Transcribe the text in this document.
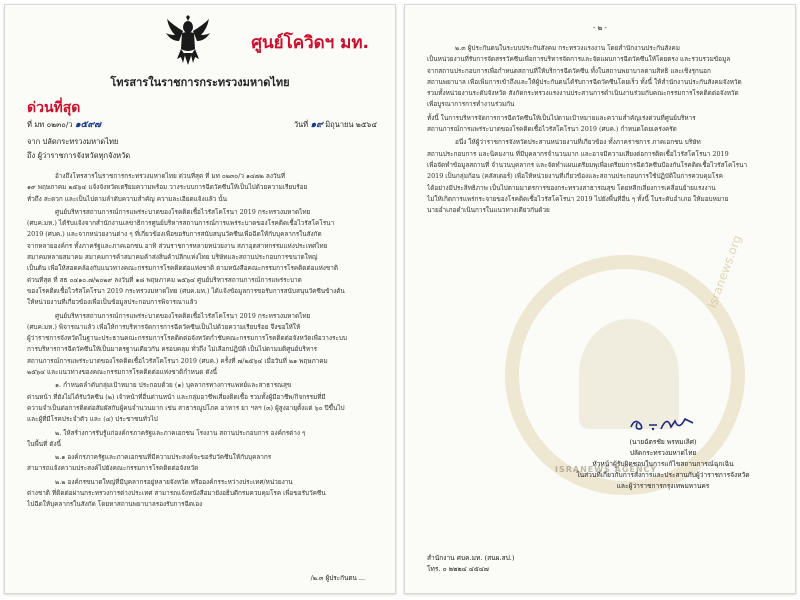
ศูนย์โควิดฯ มท.
โทรสารในราชการกระทรวงมหาดไทย
ด่วนที่สุด
ที่ มท ๐๒๓๐/ว ๑๕๙๗	วันที่ ๑๙ มิถุนายน ๒๕๖๔
จาก ปลัดกระทรวงมหาดไทย
ถึง ผู้ว่าราชการจังหวัดทุกจังหวัด
อ้างถึงโทรสารในราชการกระทรวงมหาดไทย ด่วนที่สุด ที่ มท ๐๒๓๐/ว ๑๔๗๒ ลงวันที่
๑๙ พฤษภาคม ๒๕๖๔ แจ้งจังหวัดเตรียมความพร้อม วางระบบการฉีดวัคซีนให้เป็นไปด้วยความเรียบร้อย
ทั่วถึง สะดวก และเป็นไปตามลำดับความสำคัญ ความละเอียดแจ้งแล้ว นั้น
ศูนย์บริหารสถานการณ์การแพร่ระบาดของโรคติดเชื้อไวรัสโคโรนา 2019 กระทรวงมหาดไทย
(ศบค.มท.) ได้รับแจ้งจากสำนักงานเลขาธิการศูนย์บริหารสถานการณ์การแพร่ระบาดของโรคติดเชื้อไวรัสโคโรนา
2019 (ศบค.) และจากหน่วยงานต่าง ๆ ที่เกี่ยวข้องเพื่อขอรับการสนับสนุนวัคซีนเพื่อฉีดให้กับบุคลากรในสังกัด
จากหลายองค์กร ทั้งภาครัฐและภาคเอกชน อาทิ ส่วนราชการหลายหน่วยงาน สภาอุตสาหกรรมแห่งประเทศไทย
สมาคมหลายสมาคม สมาคมการค้าสมาคมค้าส่งสินค้าปลีกแห่งไทย บริษัทและสถานประกอบการขนาดใหญ่
เป็นต้น เพื่อให้สอดคล้องกับแนวทางคณะกรรมการโรคติดต่อแห่งชาติ ตามหนังสือคณะกรรมการโรคติดต่อแห่งชาติ
ด่วนที่สุด ที่ สธ ๐๔๑๐.๗/๒๐๒๙ ลงวันที่ ๑๘ พฤษภาคม ๒๕๖๔ ศูนย์บริหารสถานการณ์การแพร่ระบาด
ของโรคติดเชื้อไวรัสโคโรนา 2019 กระทรวงมหาดไทย (ศบค.มท.) ได้แจ้งข้อมูลการขอรับการสนับสนุนวัคซีนข้างต้น
ให้หน่วยงานที่เกี่ยวข้องเพื่อเป็นข้อมูลประกอบการพิจารณาแล้ว
ศูนย์บริหารสถานการณ์การแพร่ระบาดของโรคติดเชื้อไวรัสโคโรนา 2019 กระทรวงมหาดไทย
(ศบค.มท.) พิจารณาแล้ว เพื่อให้การบริหารจัดการการฉีดวัคซีนเป็นไปด้วยความเรียบร้อย จึงขอให้ให้
ผู้ว่าราชการจังหวัดในฐานะประธานคณะกรรมการโรคติดต่อจังหวัดกำชับคณะกรรมการโรคติดต่อจังหวัดเพื่อวางระบบ
การบริหารการฉีดวัคซีนให้เป็นมาตรฐานเดียวกัน ครอบคลุม ทั่วถึง ไม่เลือกปฏิบัติ เป็นไปตามมติศูนย์บริหาร
สถานการณ์การแพร่ระบาดของโรคติดเชื้อไวรัสโคโรนา 2019 (ศบค.) ครั้งที่ ๗/๒๕๖๔ เมื่อวันที่ ๒๑ พฤษภาคม
๒๕๖๔ และแนวทางของคณะกรรมการโรคติดต่อแห่งชาติกำหนด ดังนี้
๑. กำหนดลำดับกลุ่มเป้าหมาย ประกอบด้วย (๑) บุคลากรทางการแพทย์และสาธารณสุข
ด่านหน้า ที่ยังไม่ได้รับวัคซีน (๒) เจ้าหน้าที่อื่นด่านหน้า และกลุ่มอาชีพเสี่ยงติดเชื้อ รวมทั้งผู้มีอาชีพ/กิจกรรมที่มี
ความจำเป็นต่อการติดต่อสัมผัสกับผู้คนจำนวนมาก เช่น สาธารณูปโภค อาหาร ยา ฯลฯ (๓) ผู้สูงอายุตั้งแต่ ๖๐ ปีขึ้นไป
และผู้ที่มีโรคประจำตัว และ (๔) ประชาชนทั่วไป
๒. ให้สร้างการรับรู้แก่องค์กรภาครัฐและภาคเอกชน โรงงาน สถานประกอบการ องค์กรต่าง ๆ
ในพื้นที่ ดังนี้
๒.๑ องค์กรภาครัฐและภาคเอกชนที่มีความประสงค์จะขอรับวัคซีนให้กับบุคลากร
สามารถแจ้งความประสงค์ไปยังคณะกรรมการโรคติดต่อจังหวัด
๒.๒ องค์กรขนาดใหญ่ที่มีบุคลากรอยู่หลายจังหวัด หรือองค์กรระหว่างประเทศ/หน่วยงาน
ต่างชาติ ที่ติดต่อผ่านกระทรวงการต่างประเทศ สามารถแจ้งหนังสือมายังอธิบดีกรมควบคุมโรค เพื่อขอรับวัคซีน
ไปฉีดให้บุคลากรในสังกัด โดยหาสถานพยาบาลรองรับการฉีดเอง
/๒.๓ ผู้ประกันตน ...
- ๒ -
isranews.org
๒.๓ ผู้ประกันตนในระบบประกันสังคม กระทรวงแรงงาน โดยสำนักงานประกันสังคม
เป็นหน่วยงานที่รับการจัดสรรวัคซีนเพื่อการบริหารจัดการและจัดแผนการฉีดวัคซีนให้โดยตรง และรวบรวมข้อมูล
จากสถานประกอบการเพื่อกำหนดสถานที่ให้บริการฉีดวัคซีน ทั้งในสถานพยาบาลตามสิทธิ และเชิงรุกนอก
สถานพยาบาล เพื่อเพิ่มการเข้าถึงและให้ผู้ประกันตนได้รับการฉีดวัคซีนโดยเร็ว ทั้งนี้ ให้สำนักงานประกันสังคมจังหวัด
รวมทั้งหน่วยงานระดับจังหวัด สังกัดกระทรวงแรงงานประสานการดำเนินงานร่วมกับคณะกรรมการโรคติดต่อจังหวัด
เพื่อบูรณาการการทำงานร่วมกัน
ทั้งนี้ ในการบริหารจัดการการฉีดวัคซีนให้เป็นไปตามเป้าหมายและความสำคัญเร่งด่วนที่ศูนย์บริหาร
สถานการณ์การแพร่ระบาดของโรคติดเชื้อไวรัสโคโรนา 2019 (ศบค.) กำหนดโดยเคร่งครัด
อนึ่ง ให้ผู้ว่าราชการจังหวัดประสานหน่วยงานที่เกี่ยวข้อง ทั้งภาคราชการ ภาคเอกชน บริษัท
สถานประกอบการ และนิคมงาน ที่มีบุคลากรจำนวนมาก และอาจมีความเสี่ยงต่อการติดเชื้อไวรัสโคโรนา 2019
เพื่อจัดทำข้อมูลสถานที่ จำนวนบุคลากร และจัดทำแผนเตรียมพุเพื่อเตรียมการฉีดวัคซีนป้องกันโรคติดเชื้อไวรัสโคโรนา
2019 เป็นกลุ่มก้อน (คลัสเตอร์) เพื่อให้หน่วยงานที่เกี่ยวข้องและสถานประกอบการใช้ปฏิบัติในการควบคุมโรค
ได้อย่างมีประสิทธิภาพ เป็นไปตามมาตรการของกระทรวงสาธารณสุข โดยหลีกเลี่ยงการเคลื่อนย้ายแรงงาน
ไม่ให้เกิดการแพร่กระจายของโรคติดเชื้อไวรัสโคโรนา 2019 ไปยังพื้นที่อื่น ๆ ทั้งนี้ ในระดับอำเภอ ให้มอบหมาย
นายอำเภอดำเนินการในแนวทางเดียวกันด้วย
(นายฉัตรชัย พรหมเลิศ)
ปลัดกระทรวงมหาดไทย
หัวหน้าผู้รับผิดชอบในการแก้ไขสถานการณ์ฉุกเฉิน
ในส่วนที่เกี่ยวกับการสั่งการและประสานกับผู้ว่าราชการจังหวัด
และผู้ว่าราชการกรุงเทพมหานคร
ISRANEWS AGENCY
สำนักงาน ศบค.มท. (สนผ.สป.)
โทร. ๐ ๒๒๒๔ ๔๕๔๗
